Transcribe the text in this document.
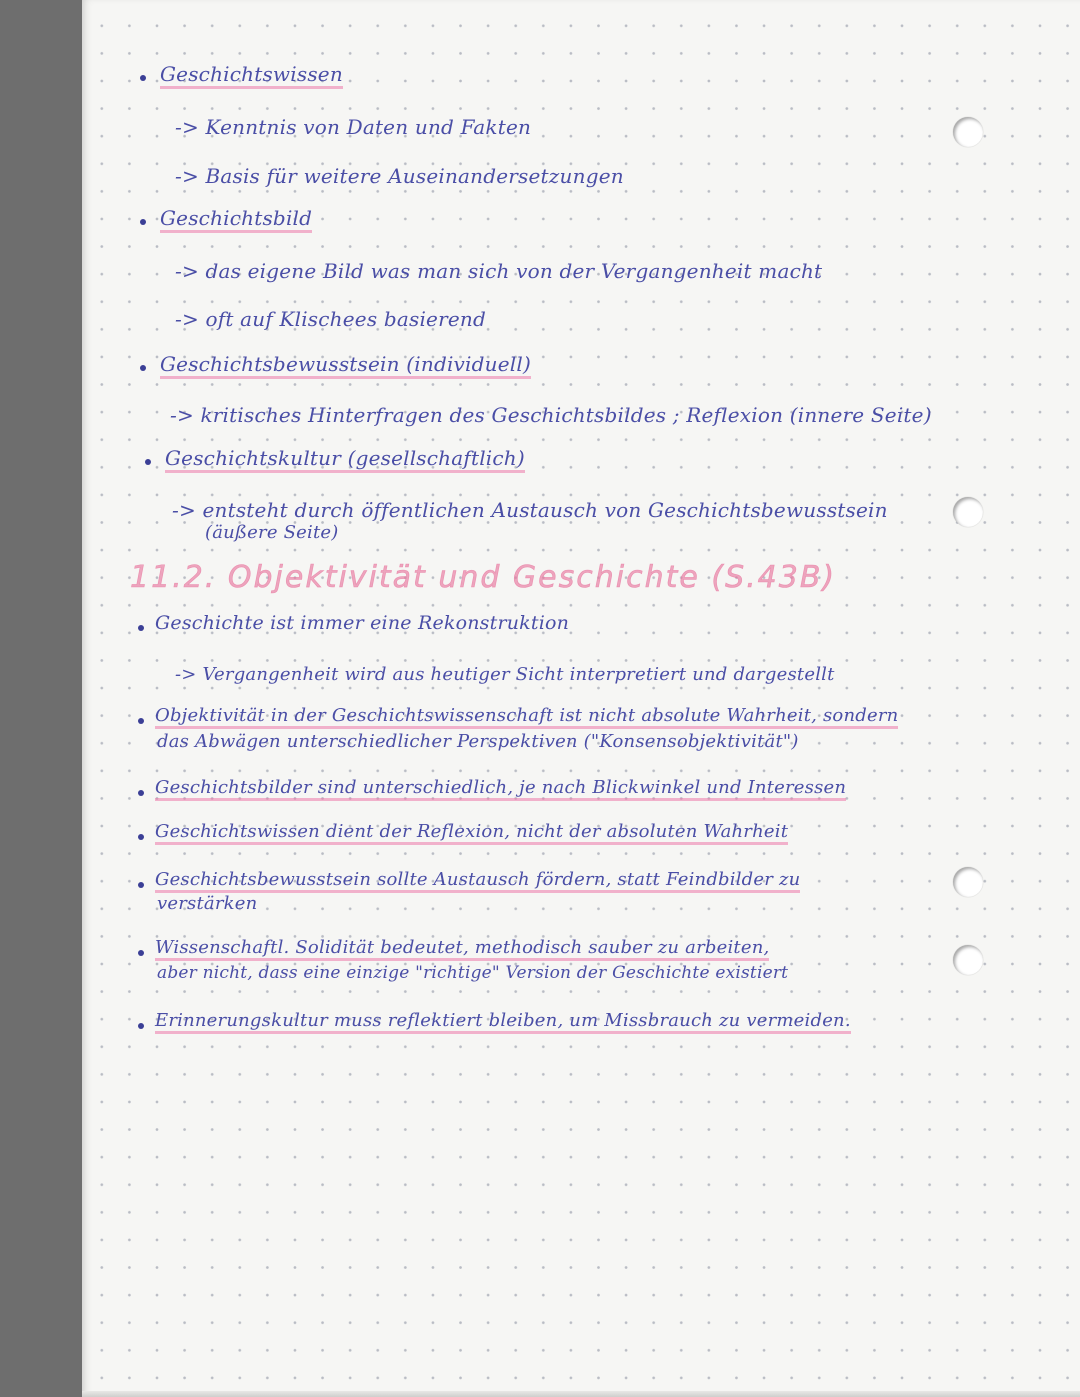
Geschichtswissen
-> Kenntnis von Daten und Fakten
-> Basis für weitere Auseinandersetzungen
Geschichtsbild
-> das eigene Bild was man sich von der Vergangenheit macht
-> oft auf Klischees basierend
Geschichtsbewusstsein (individuell)
-> kritisches Hinterfragen des Geschichtsbildes ; Reflexion (innere Seite)
Geschichtskultur (gesellschaftlich)
-> entsteht durch öffentlichen Austausch von Geschichtsbewusstsein
(äußere Seite)
11.2. Objektivität und Geschichte (S.43B)
Geschichte ist immer eine Rekonstruktion
-> Vergangenheit wird aus heutiger Sicht interpretiert und dargestellt
Objektivität in der Geschichtswissenschaft ist nicht absolute Wahrheit, sondern
das Abwägen unterschiedlicher Perspektiven ("Konsensobjektivität")
Geschichtsbilder sind unterschiedlich, je nach Blickwinkel und Interessen
Geschichtswissen dient der Reflexion, nicht der absoluten Wahrheit
Geschichtsbewusstsein sollte Austausch fördern, statt Feindbilder zu
verstärken
Wissenschaftl. Solidität bedeutet, methodisch sauber zu arbeiten,
aber nicht, dass eine einzige "richtige" Version der Geschichte existiert
Erinnerungskultur muss reflektiert bleiben, um Missbrauch zu vermeiden.
